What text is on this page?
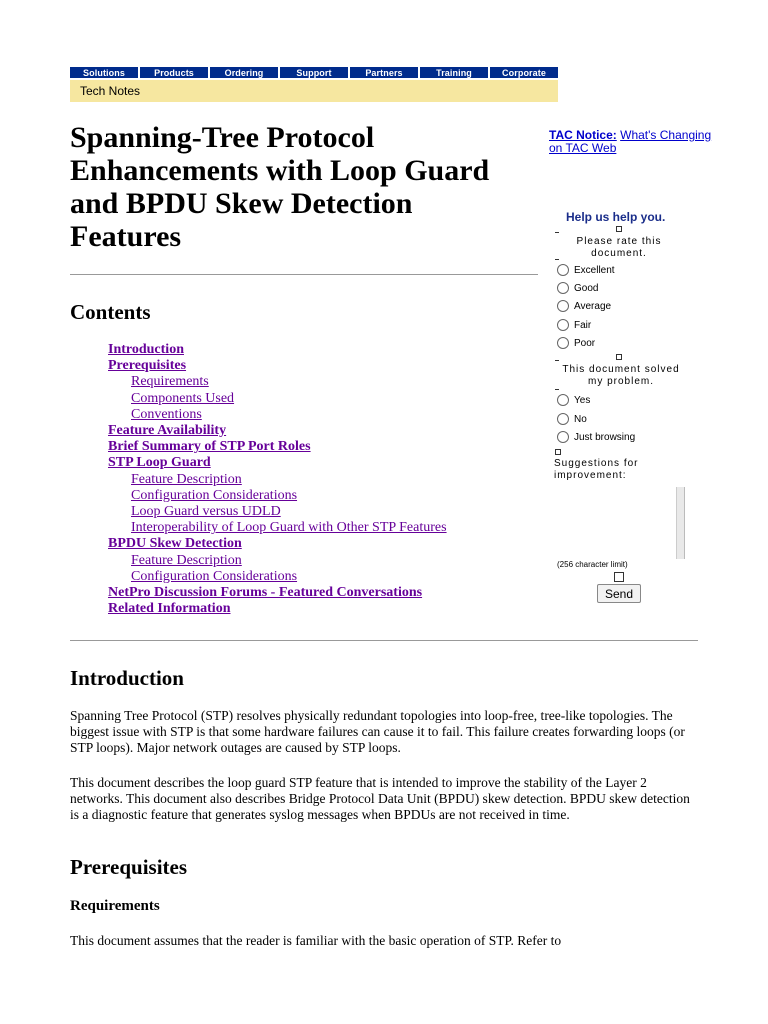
Solutions	Products	Ordering	Support	Partners	Training	Corporate
Tech Notes
Spanning-Tree Protocol Enhancements with Loop Guard and BPDU Skew Detection Features
Contents
Introduction
Prerequisites
Requirements
Components Used
Conventions
Feature Availability
Brief Summary of STP Port Roles
STP Loop Guard
Feature Description
Configuration Considerations
Loop Guard versus UDLD
Interoperability of Loop Guard with Other STP Features
BPDU Skew Detection
Feature Description
Configuration Considerations
NetPro Discussion Forums - Featured Conversations
Related Information
TAC Notice: What's Changing on TAC Web
Help us help you.
Please rate this document.
Excellent
Good
Average
Fair
Poor
This document solved my problem.
Yes
No
Just browsing
Suggestions for improvement:
(256 character limit)
Send
Introduction

Spanning Tree Protocol (STP) resolves physically redundant topologies into loop-free, tree-like topologies. The biggest issue with STP is that some hardware failures can cause it to fail. This failure creates forwarding loops (or STP loops). Major network outages are caused by STP loops.

This document describes the loop guard STP feature that is intended to improve the stability of the Layer 2 networks. This document also describes Bridge Protocol Data Unit (BPDU) skew detection. BPDU skew detection is a diagnostic feature that generates syslog messages when BPDUs are not received in time.

Prerequisites
Requirements

This document assumes that the reader is familiar with the basic operation of STP. Refer to
